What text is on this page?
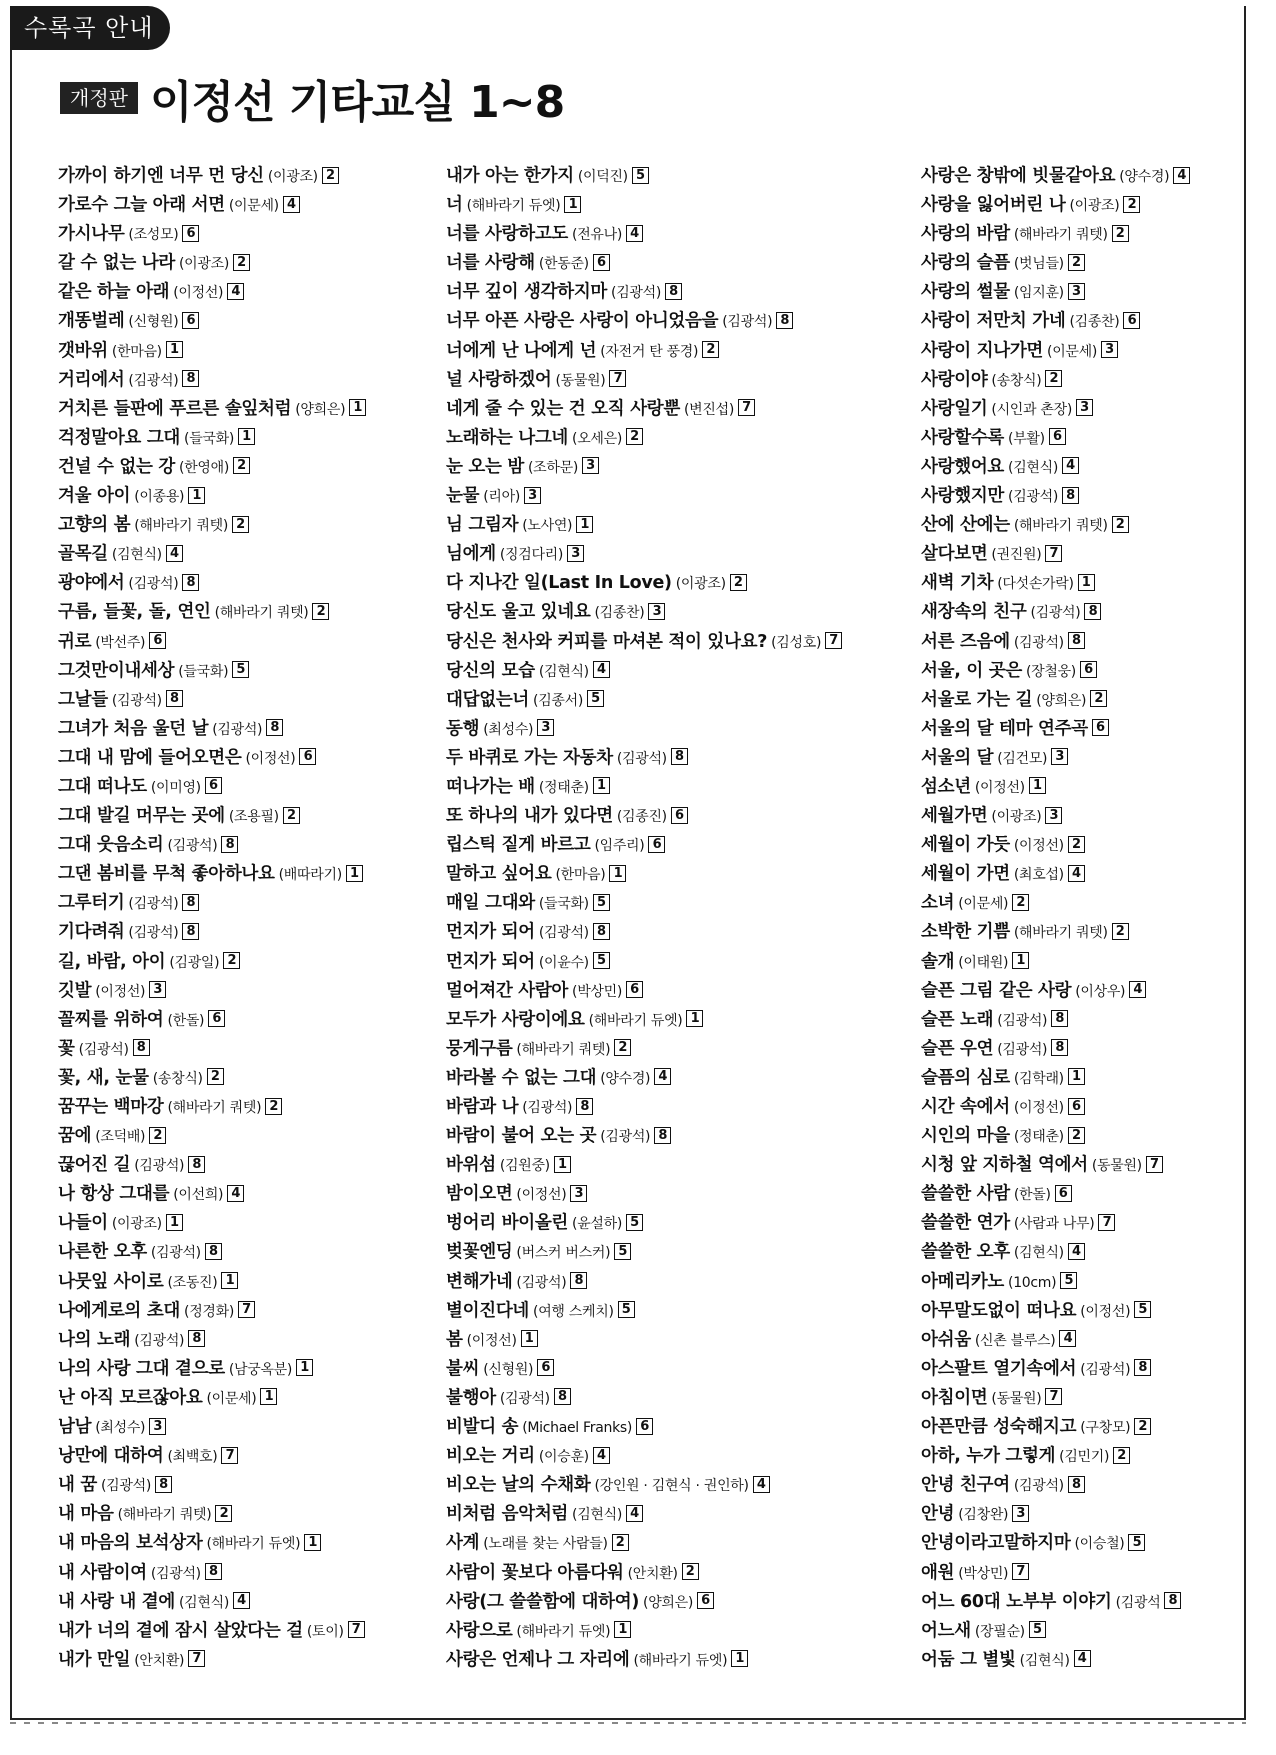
수록곡 안내
개정판 이정선 기타교실 1~8
가까이 하기엔 너무 먼 당신 (이광조) 2
가로수 그늘 아래 서면 (이문세) 4
가시나무 (조성모) 6
갈 수 없는 나라 (이광조) 2
같은 하늘 아래 (이정선) 4
개똥벌레 (신형원) 6
갯바위 (한마음) 1
거리에서 (김광석) 8
거치른 들판에 푸르른 솔잎처럼 (양희은) 1
걱정말아요 그대 (들국화) 1
건널 수 없는 강 (한영애) 2
겨울 아이 (이종용) 1
고향의 봄 (해바라기 쿼텟) 2
골목길 (김현식) 4
광야에서 (김광석) 8
구름, 들꽃, 돌, 연인 (해바라기 쿼텟) 2
귀로 (박선주) 6
그것만이내세상 (들국화) 5
그날들 (김광석) 8
그녀가 처음 울던 날 (김광석) 8
그대 내 맘에 들어오면은 (이정선) 6
그대 떠나도 (이미영) 6
그대 발길 머무는 곳에 (조용필) 2
그대 웃음소리 (김광석) 8
그댄 봄비를 무척 좋아하나요 (배따라기) 1
그루터기 (김광석) 8
기다려줘 (김광석) 8
길, 바람, 아이 (김광일) 2
깃발 (이정선) 3
꼴찌를 위하여 (한돌) 6
꽃 (김광석) 8
꽃, 새, 눈물 (송창식) 2
꿈꾸는 백마강 (해바라기 쿼텟) 2
꿈에 (조덕배) 2
끊어진 길 (김광석) 8
나 항상 그대를 (이선희) 4
나들이 (이광조) 1
나른한 오후 (김광석) 8
나뭇잎 사이로 (조동진) 1
나에게로의 초대 (정경화) 7
나의 노래 (김광석) 8
나의 사랑 그대 곁으로 (남궁옥분) 1
난 아직 모르잖아요 (이문세) 1
남남 (최성수) 3
낭만에 대하여 (최백호) 7
내 꿈 (김광석) 8
내 마음 (해바라기 쿼텟) 2
내 마음의 보석상자 (해바라기 듀엣) 1
내 사람이여 (김광석) 8
내 사랑 내 곁에 (김현식) 4
내가 너의 곁에 잠시 살았다는 걸 (토이) 7
내가 만일 (안치환) 7
내가 아는 한가지 (이덕진) 5
너 (해바라기 듀엣) 1
너를 사랑하고도 (전유나) 4
너를 사랑해 (한동준) 6
너무 깊이 생각하지마 (김광석) 8
너무 아픈 사랑은 사랑이 아니었음을 (김광석) 8
너에게 난 나에게 넌 (자전거 탄 풍경) 2
널 사랑하겠어 (동물원) 7
네게 줄 수 있는 건 오직 사랑뿐 (변진섭) 7
노래하는 나그네 (오세은) 2
눈 오는 밤 (조하문) 3
눈물 (리아) 3
님 그림자 (노사연) 1
님에게 (징검다리) 3
다 지나간 일(Last In Love) (이광조) 2
당신도 울고 있네요 (김종찬) 3
당신은 천사와 커피를 마셔본 적이 있나요? (김성호) 7
당신의 모습 (김현식) 4
대답없는너 (김종서) 5
동행 (최성수) 3
두 바퀴로 가는 자동차 (김광석) 8
떠나가는 배 (정태춘) 1
또 하나의 내가 있다면 (김종진) 6
립스틱 짙게 바르고 (임주리) 6
말하고 싶어요 (한마음) 1
매일 그대와 (들국화) 5
먼지가 되어 (김광석) 8
먼지가 되어 (이윤수) 5
멀어져간 사람아 (박상민) 6
모두가 사랑이에요 (해바라기 듀엣) 1
뭉게구름 (해바라기 쿼텟) 2
바라볼 수 없는 그대 (양수경) 4
바람과 나 (김광석) 8
바람이 불어 오는 곳 (김광석) 8
바위섬 (김원중) 1
밤이오면 (이정선) 3
벙어리 바이올린 (윤설하) 5
벚꽃엔딩 (버스커 버스커) 5
변해가네 (김광석) 8
별이진다네 (여행 스케치) 5
봄 (이정선) 1
불씨 (신형원) 6
불행아 (김광석) 8
비발디 송 (Michael Franks) 6
비오는 거리 (이승훈) 4
비오는 날의 수채화 (강인원 · 김현식 · 권인하) 4
비처럼 음악처럼 (김현식) 4
사계 (노래를 찾는 사람들) 2
사람이 꽃보다 아름다워 (안치환) 2
사랑(그 쓸쓸함에 대하여) (양희은) 6
사랑으로 (해바라기 듀엣) 1
사랑은 언제나 그 자리에 (해바라기 듀엣) 1
사랑은 창밖에 빗물같아요 (양수경) 4
사랑을 잃어버린 나 (이광조) 2
사랑의 바람 (해바라기 쿼텟) 2
사랑의 슬픔 (벗님들) 2
사랑의 썰물 (임지훈) 3
사랑이 저만치 가네 (김종찬) 6
사랑이 지나가면 (이문세) 3
사랑이야 (송창식) 2
사랑일기 (시인과 촌장) 3
사랑할수록 (부활) 6
사랑했어요 (김현식) 4
사랑했지만 (김광석) 8
산에 산에는 (해바라기 쿼텟) 2
살다보면 (권진원) 7
새벽 기차 (다섯손가락) 1
새장속의 친구 (김광석) 8
서른 즈음에 (김광석) 8
서울, 이 곳은 (장철웅) 6
서울로 가는 길 (양희은) 2
서울의 달 테마 연주곡 6
서울의 달 (김건모) 3
섬소년 (이정선) 1
세월가면 (이광조) 3
세월이 가듯 (이정선) 2
세월이 가면 (최호섭) 4
소녀 (이문세) 2
소박한 기쁨 (해바라기 쿼텟) 2
솔개 (이태원) 1
슬픈 그림 같은 사랑 (이상우) 4
슬픈 노래 (김광석) 8
슬픈 우연 (김광석) 8
슬픔의 심로 (김학래) 1
시간 속에서 (이정선) 6
시인의 마을 (정태춘) 2
시청 앞 지하철 역에서 (동물원) 7
쓸쓸한 사람 (한돌) 6
쓸쓸한 연가 (사람과 나무) 7
쓸쓸한 오후 (김현식) 4
아메리카노 (10cm) 5
아무말도없이 떠나요 (이정선) 5
아쉬움 (신촌 블루스) 4
아스팔트 열기속에서 (김광석) 8
아침이면 (동물원) 7
아픈만큼 성숙해지고 (구창모) 2
아하, 누가 그렇게 (김민기) 2
안녕 친구여 (김광석) 8
안녕 (김창완) 3
안녕이라고말하지마 (이승철) 5
애원 (박상민) 7
어느 60대 노부부 이야기 (김광석 8
어느새 (장필순) 5
어둠 그 별빛 (김현식) 4
